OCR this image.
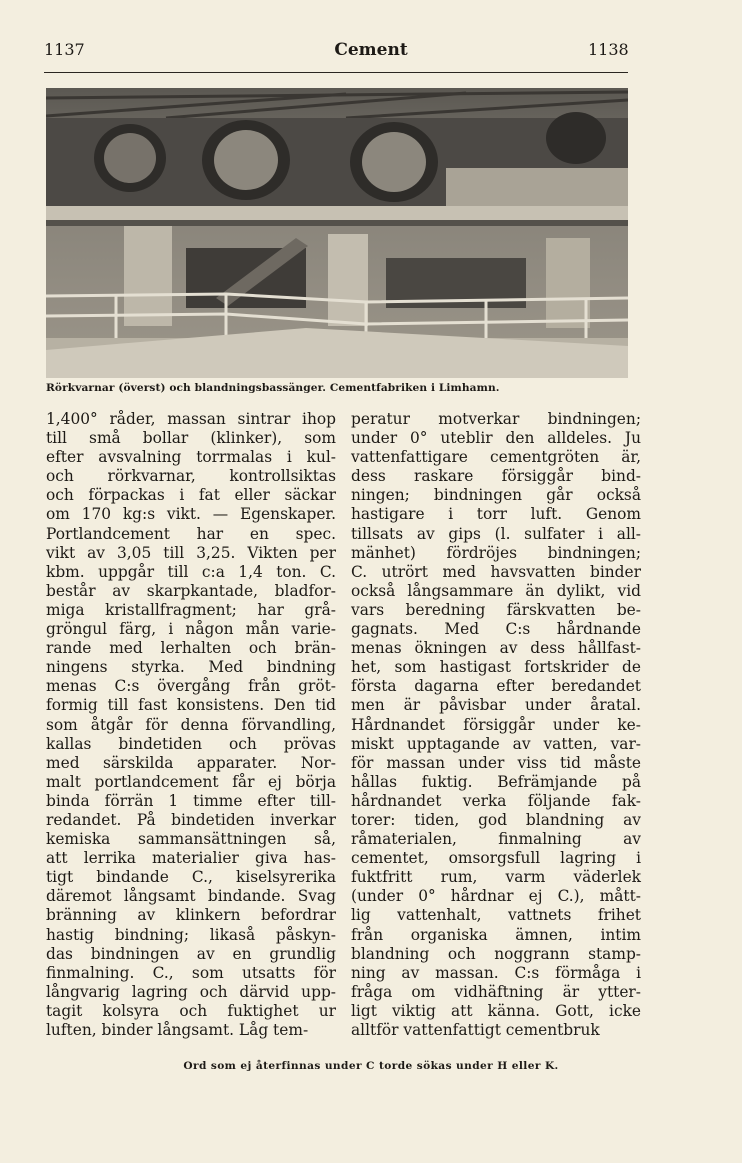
1137	Cement	1138
Rörkvarnar (överst) och blandningsbassänger. Cementfabriken i Limhamn.
1,400° råder, massan sintrar ihop
till små bollar (klinker), som
efter avsvalning torrmalas i kul-
och rörkvarnar, kontrollsiktas
och förpackas i fat eller säckar
om 170 kg:s vikt. — Egenskaper.
Portlandcement har en spec.
vikt av 3,05 till 3,25. Vikten per
kbm. uppgår till c:a 1,4 ton. C.
består av skarpkantade, bladfor-
miga kristallfragment; har grå-
gröngul färg, i någon mån varie-
rande med lerhalten och brän-
ningens styrka. Med bindning
menas C:s övergång från gröt-
formig till fast konsistens. Den tid
som åtgår för denna förvandling,
kallas bindetiden och prövas
med särskilda apparater. Nor-
malt portlandcement får ej börja
binda förrän 1 timme efter till-
redandet. På bindetiden inverkar
kemiska sammansättningen så,
att lerrika materialier giva has-
tigt bindande C., kiselsyrerika
däremot långsamt bindande. Svag
bränning av klinkern befordrar
hastig bindning; likaså påskyn-
das bindningen av en grundlig
finmalning. C., som utsatts för
långvarig lagring och därvid upp-
tagit kolsyra och fuktighet ur
luften, binder långsamt. Låg tem-
peratur motverkar bindningen;
under 0° uteblir den alldeles. Ju
vattenfattigare cementgröten är,
dess raskare försiggår bind-
ningen; bindningen går också
hastigare i torr luft. Genom
tillsats av gips (l. sulfater i all-
mänhet) fördröjes bindningen;
C. utrört med havsvatten binder
också långsammare än dylikt, vid
vars beredning färskvatten be-
gagnats. Med C:s hårdnande
menas ökningen av dess hållfast-
het, som hastigast fortskrider de
första dagarna efter beredandet
men är påvisbar under åratal.
Hårdnandet försiggår under ke-
miskt upptagande av vatten, var-
för massan under viss tid måste
hållas fuktig. Befrämjande på
hårdnandet verka följande fak-
torer: tiden, god blandning av
råmaterialen, finmalning av
cementet, omsorgsfull lagring i
fuktfritt rum, varm väderlek
(under 0° hårdnar ej C.), mått-
lig vattenhalt, vattnets frihet
från organiska ämnen, intim
blandning och noggrann stamp-
ning av massan. C:s förmåga i
fråga om vidhäftning är ytter-
ligt viktig att känna. Gott, icke
alltför vattenfattigt cementbruk
Ord som ej återfinnas under C torde sökas under H eller K.
